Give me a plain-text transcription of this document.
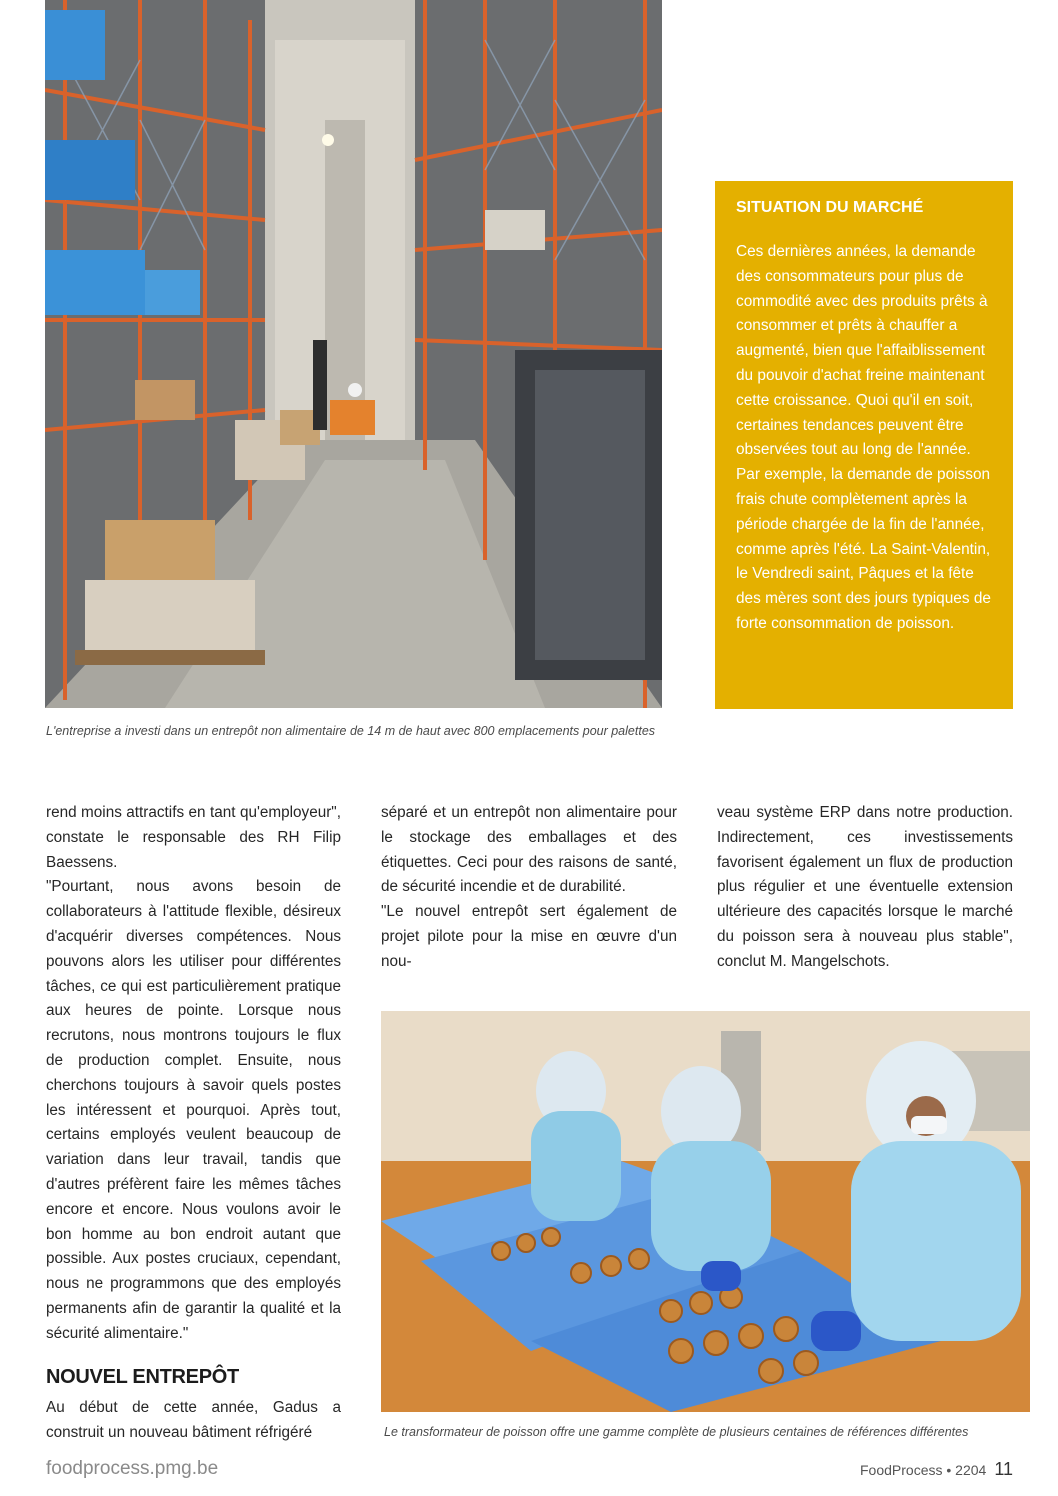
L'entreprise a investi dans un entrepôt non alimentaire de 14 m de haut avec 800 emplacements pour palettes
SITUATION DU MARCHÉ

Ces dernières années, la demande des consommateurs pour plus de commodité avec des produits prêts à consommer et prêts à chauffer a augmenté, bien que l'affaiblissement du pouvoir d'achat freine maintenant cette croissance. Quoi qu'il en soit, certaines tendances peuvent être observées tout au long de l'année. Par exemple, la demande de poisson frais chute complètement après la période chargée de la fin de l'année, comme après l'été. La Saint-Valentin, le Vendredi saint, Pâques et la fête des mères sont des jours typiques de forte consommation de poisson.

rend moins attractifs en tant qu'employeur", constate le responsable des RH Filip Baessens.

"Pourtant, nous avons besoin de collaborateurs à l'attitude flexible, désireux d'acquérir diverses compétences. Nous pouvons alors les utiliser pour différentes tâches, ce qui est particulièrement pratique aux heures de pointe. Lorsque nous recrutons, nous montrons toujours le flux de production complet. Ensuite, nous cherchons toujours à savoir quels postes les intéressent et pourquoi. Après tout, certains employés veulent beaucoup de variation dans leur travail, tandis que d'autres préfèrent faire les mêmes tâches encore et encore. Nous voulons avoir le bon homme au bon endroit autant que possible. Aux postes cruciaux, cependant, nous ne programmons que des employés permanents afin de garantir la qualité et la sécurité alimentaire."

NOUVEL ENTREPÔT

Au début de cette année, Gadus a construit un nouveau bâtiment réfrigéré

séparé et un entrepôt non alimentaire pour le stockage des emballages et des étiquettes. Ceci pour des raisons de santé, de sécurité incendie et de durabilité.

"Le nouvel entrepôt sert également de projet pilote pour la mise en œuvre d'un nou-

veau système ERP dans notre production. Indirectement, ces investissements favorisent également un flux de production plus régulier et une éventuelle extension ultérieure des capacités lorsque le marché du poisson sera à nouveau plus stable", conclut M. Mangelschots.

Le transformateur de poisson offre une gamme complète de plusieurs centaines de références différentes
foodprocess.pmg.be	FoodProcess • 2204 11
